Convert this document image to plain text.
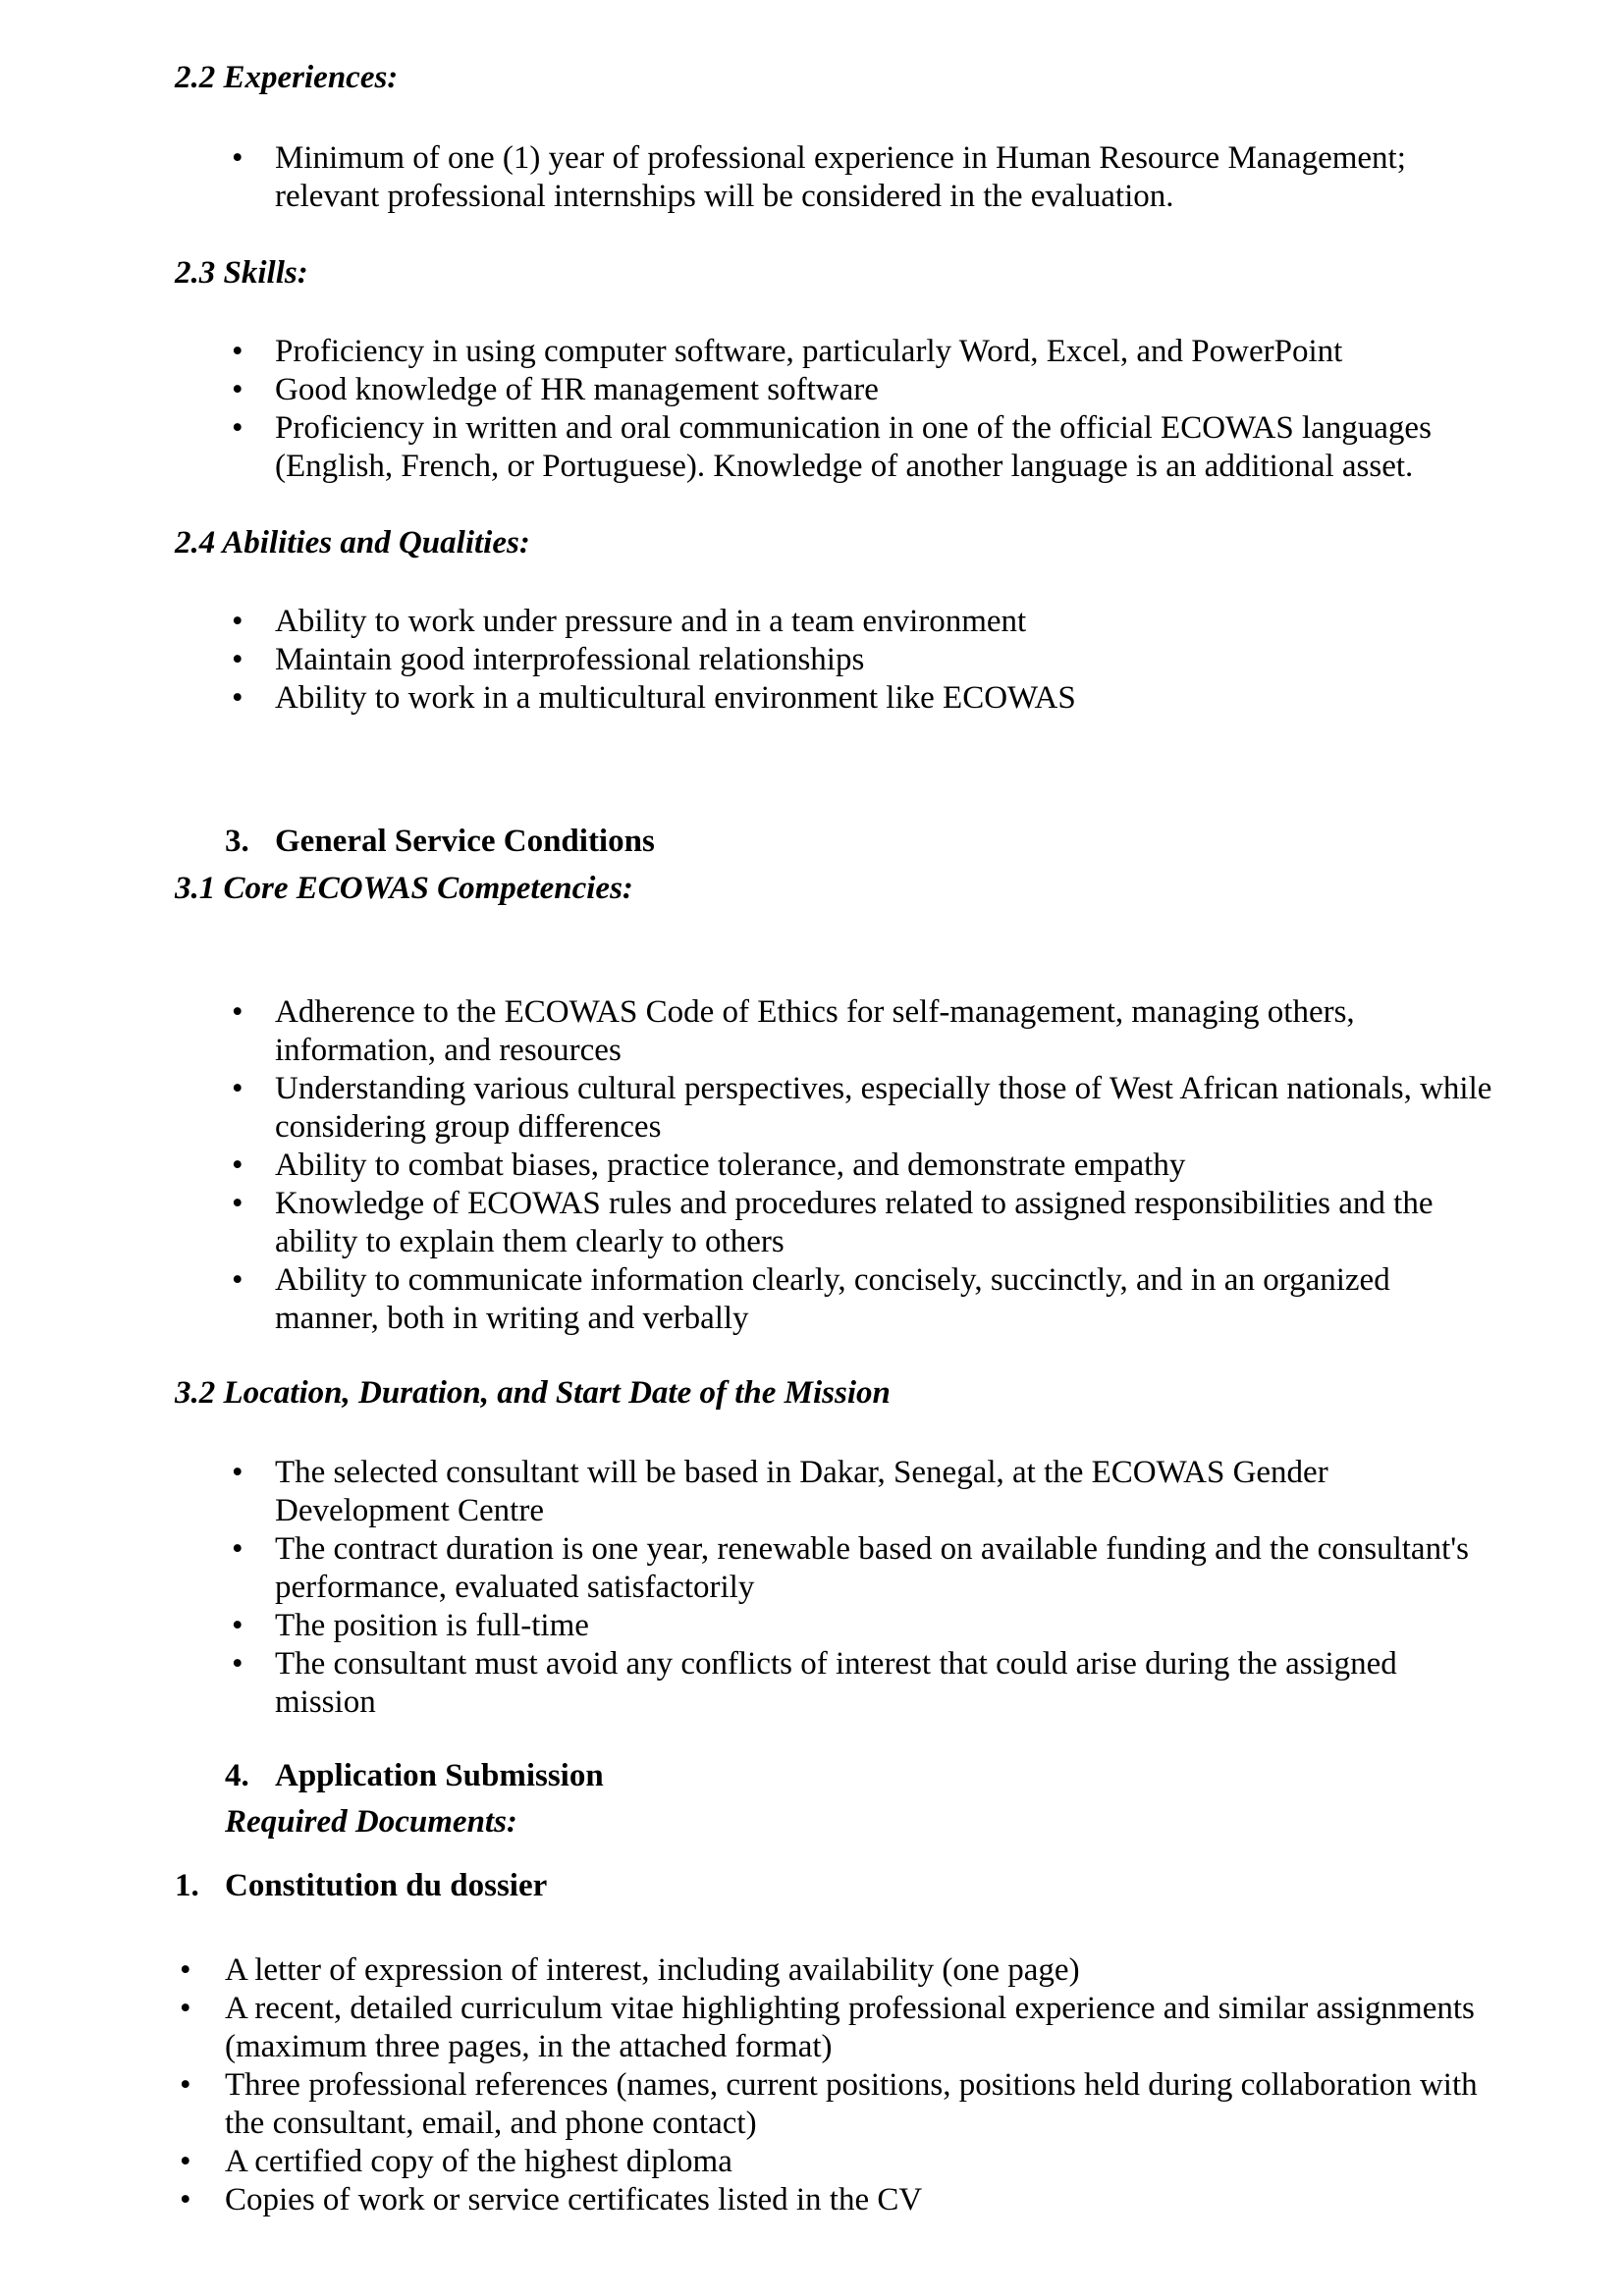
2.2 Experiences:

• Minimum of one (1) year of professional experience in Human Resource Management; relevant professional internships will be considered in the evaluation.

2.3 Skills:

• Proficiency in using computer software, particularly Word, Excel, and PowerPoint
• Good knowledge of HR management software
• Proficiency in written and oral communication in one of the official ECOWAS languages (English, French, or Portuguese). Knowledge of another language is an additional asset.

2.4 Abilities and Qualities:

• Ability to work under pressure and in a team environment
• Maintain good interprofessional relationships
• Ability to work in a multicultural environment like ECOWAS
3. General Service Conditions

3.1 Core ECOWAS Competencies:

• Adherence to the ECOWAS Code of Ethics for self-management, managing others, information, and resources
• Understanding various cultural perspectives, especially those of West African nationals, while considering group differences
• Ability to combat biases, practice tolerance, and demonstrate empathy
• Knowledge of ECOWAS rules and procedures related to assigned responsibilities and the ability to explain them clearly to others
• Ability to communicate information clearly, concisely, succinctly, and in an organized manner, both in writing and verbally

3.2 Location, Duration, and Start Date of the Mission

• The selected consultant will be based in Dakar, Senegal, at the ECOWAS Gender Development Centre
• The contract duration is one year, renewable based on available funding and the consultant's performance, evaluated satisfactorily
• The position is full-time
• The consultant must avoid any conflicts of interest that could arise during the assigned mission
4. Application Submission

Required Documents:

1. Constitution du dossier
• A letter of expression of interest, including availability (one page)
• A recent, detailed curriculum vitae highlighting professional experience and similar assignments (maximum three pages, in the attached format)
• Three professional references (names, current positions, positions held during collaboration with the consultant, email, and phone contact)
• A certified copy of the highest diploma
• Copies of work or service certificates listed in the CV
